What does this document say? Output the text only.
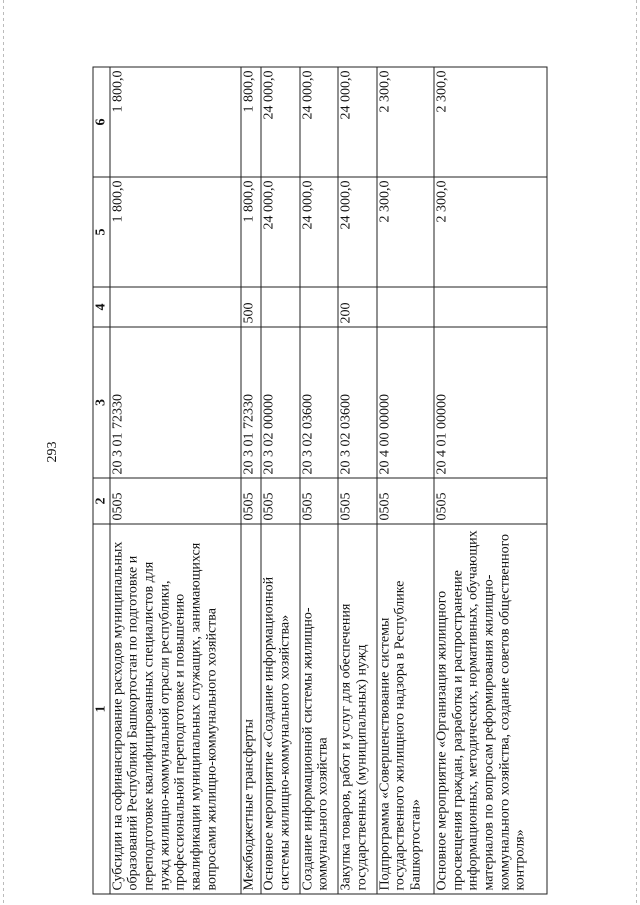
293
1	2	3	4	5	6
Субсидии на софинансирование расходов муниципальных образований Республики Башкортостан по подготовке и переподготовке квалифицированных специалистов для нужд жилищно-коммунальной отрасли республики, профессиональной переподготовке и повышению квалификации муниципальных служащих, занимающихся вопросами жилищно-коммунального хозяйства	0505	20 3 01 72330		1 800,0	1 800,0
Межбюджетные трансферты	0505	20 3 01 72330	500	1 800,0	1 800,0
Основное мероприятие «Создание информационной системы жилищно-коммунального хозяйства»	0505	20 3 02 00000		24 000,0	24 000,0
Создание информационной системы жилищно-коммунального хозяйства	0505	20 3 02 03600		24 000,0	24 000,0
Закупка товаров, работ и услуг для обеспечения государственных (муниципальных) нужд	0505	20 3 02 03600	200	24 000,0	24 000,0
Подпрограмма «Совершенствование системы государственного жилищного надзора в Республике Башкортостан»	0505	20 4 00 00000		2 300,0	2 300,0
Основное мероприятие «Организация жилищного просвещения граждан, разработка и распространение информационных, методических, нормативных, обучающих материалов по вопросам реформирования жилищно-коммунального хозяйства, создание советов общественного контроля»	0505	20 4 01 00000		2 300,0	2 300,0
